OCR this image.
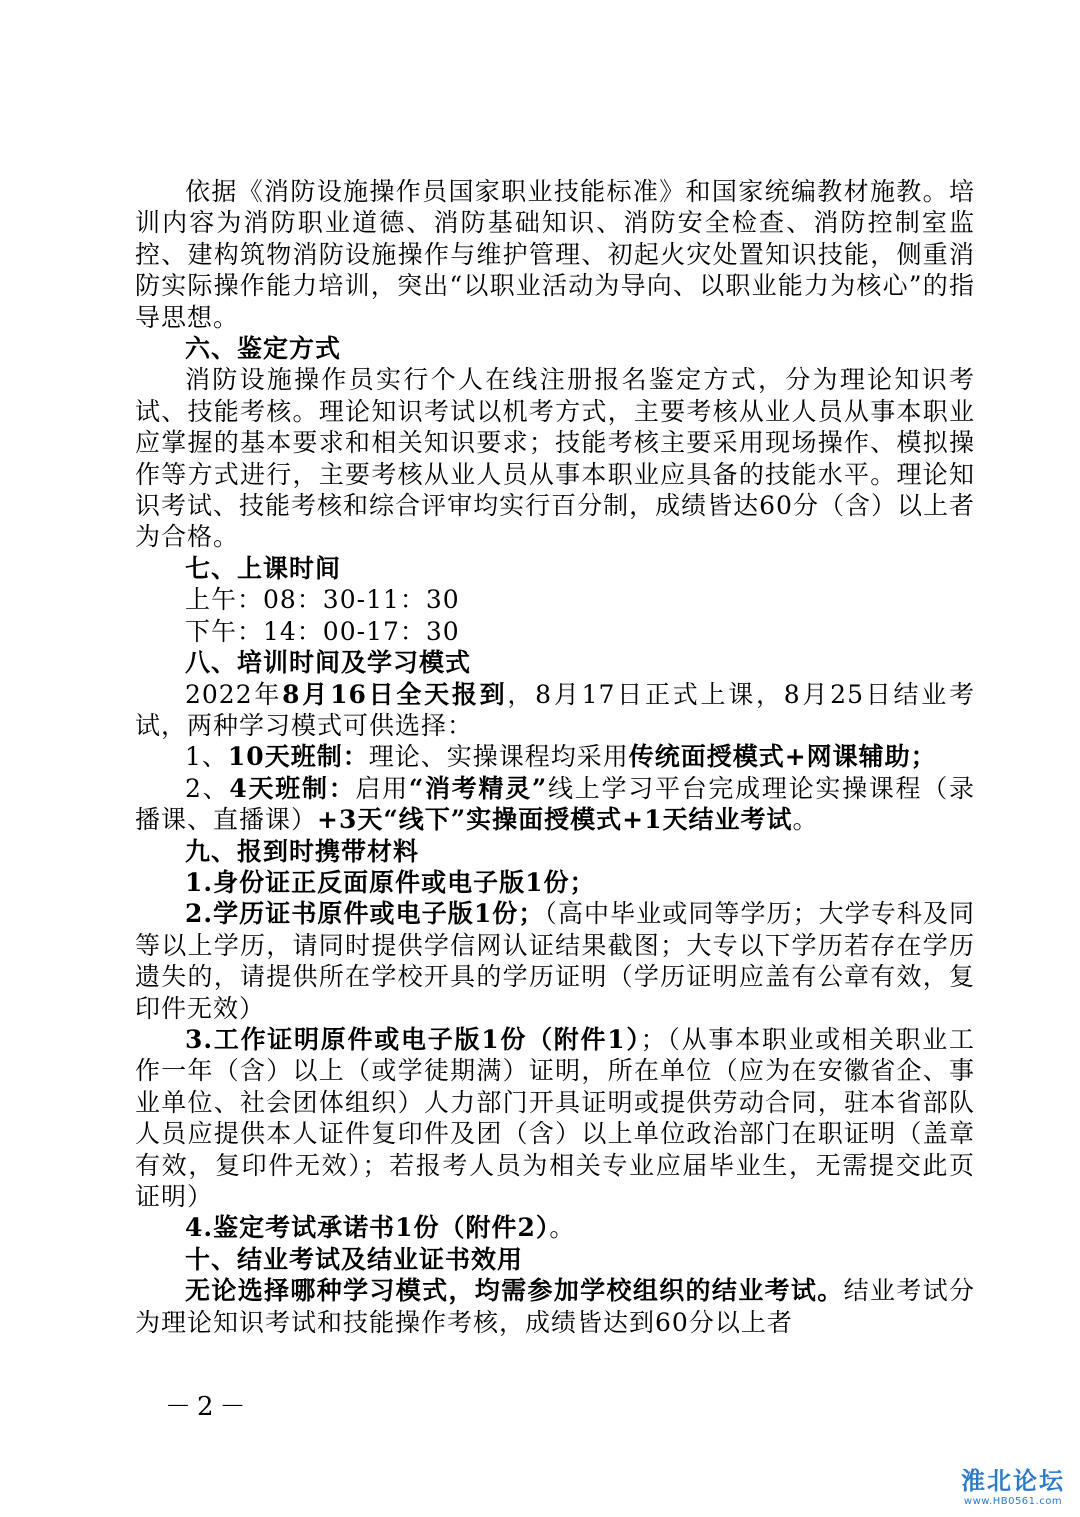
依据《消防设施操作员国家职业技能标准》和国家统编教材施教。培训内容为消防职业道德、消防基础知识、消防安全检查、消防控制室监控、建构筑物消防设施操作与维护管理、初起火灾处置知识技能，侧重消防实际操作能力培训，突出“以职业活动为导向、以职业能力为核心”的指导思想。

六、鉴定方式

消防设施操作员实行个人在线注册报名鉴定方式，分为理论知识考试、技能考核。理论知识考试以机考方式，主要考核从业人员从事本职业应掌握的基本要求和相关知识要求；技能考核主要采用现场操作、模拟操作等方式进行，主要考核从业人员从事本职业应具备的技能水平。理论知识考试、技能考核和综合评审均实行百分制，成绩皆达60分（含）以上者为合格。

七、上课时间

上午：08：30-11：30

下午：14：00-17：30

八、培训时间及学习模式

2022年8月16日全天报到，8月17日正式上课，8月25日结业考试，两种学习模式可供选择：

1、10天班制：理论、实操课程均采用传统面授模式+网课辅助；

2、4天班制：启用“消考精灵”线上学习平台完成理论实操课程（录播课、直播课）+3天“线下”实操面授模式+1天结业考试。

九、报到时携带材料

1.身份证正反面原件或电子版1份；

2.学历证书原件或电子版1份；（高中毕业或同等学历；大学专科及同等以上学历，请同时提供学信网认证结果截图；大专以下学历若存在学历遗失的，请提供所在学校开具的学历证明（学历证明应盖有公章有效，复印件无效）

3.工作证明原件或电子版1份（附件1）；（从事本职业或相关职业工作一年（含）以上（或学徒期满）证明，所在单位（应为在安徽省企、事业单位、社会团体组织）人力部门开具证明或提供劳动合同，驻本省部队人员应提供本人证件复印件及团（含）以上单位政治部门在职证明（盖章有效，复印件无效）；若报考人员为相关专业应届毕业生，无需提交此页证明）

4.鉴定考试承诺书1份（附件2）。

十、结业考试及结业证书效用

无论选择哪种学习模式，均需参加学校组织的结业考试。结业考试分为理论知识考试和技能操作考核，成绩皆达到60分以上者

－2－
淮北论坛
www.HB0561.com
